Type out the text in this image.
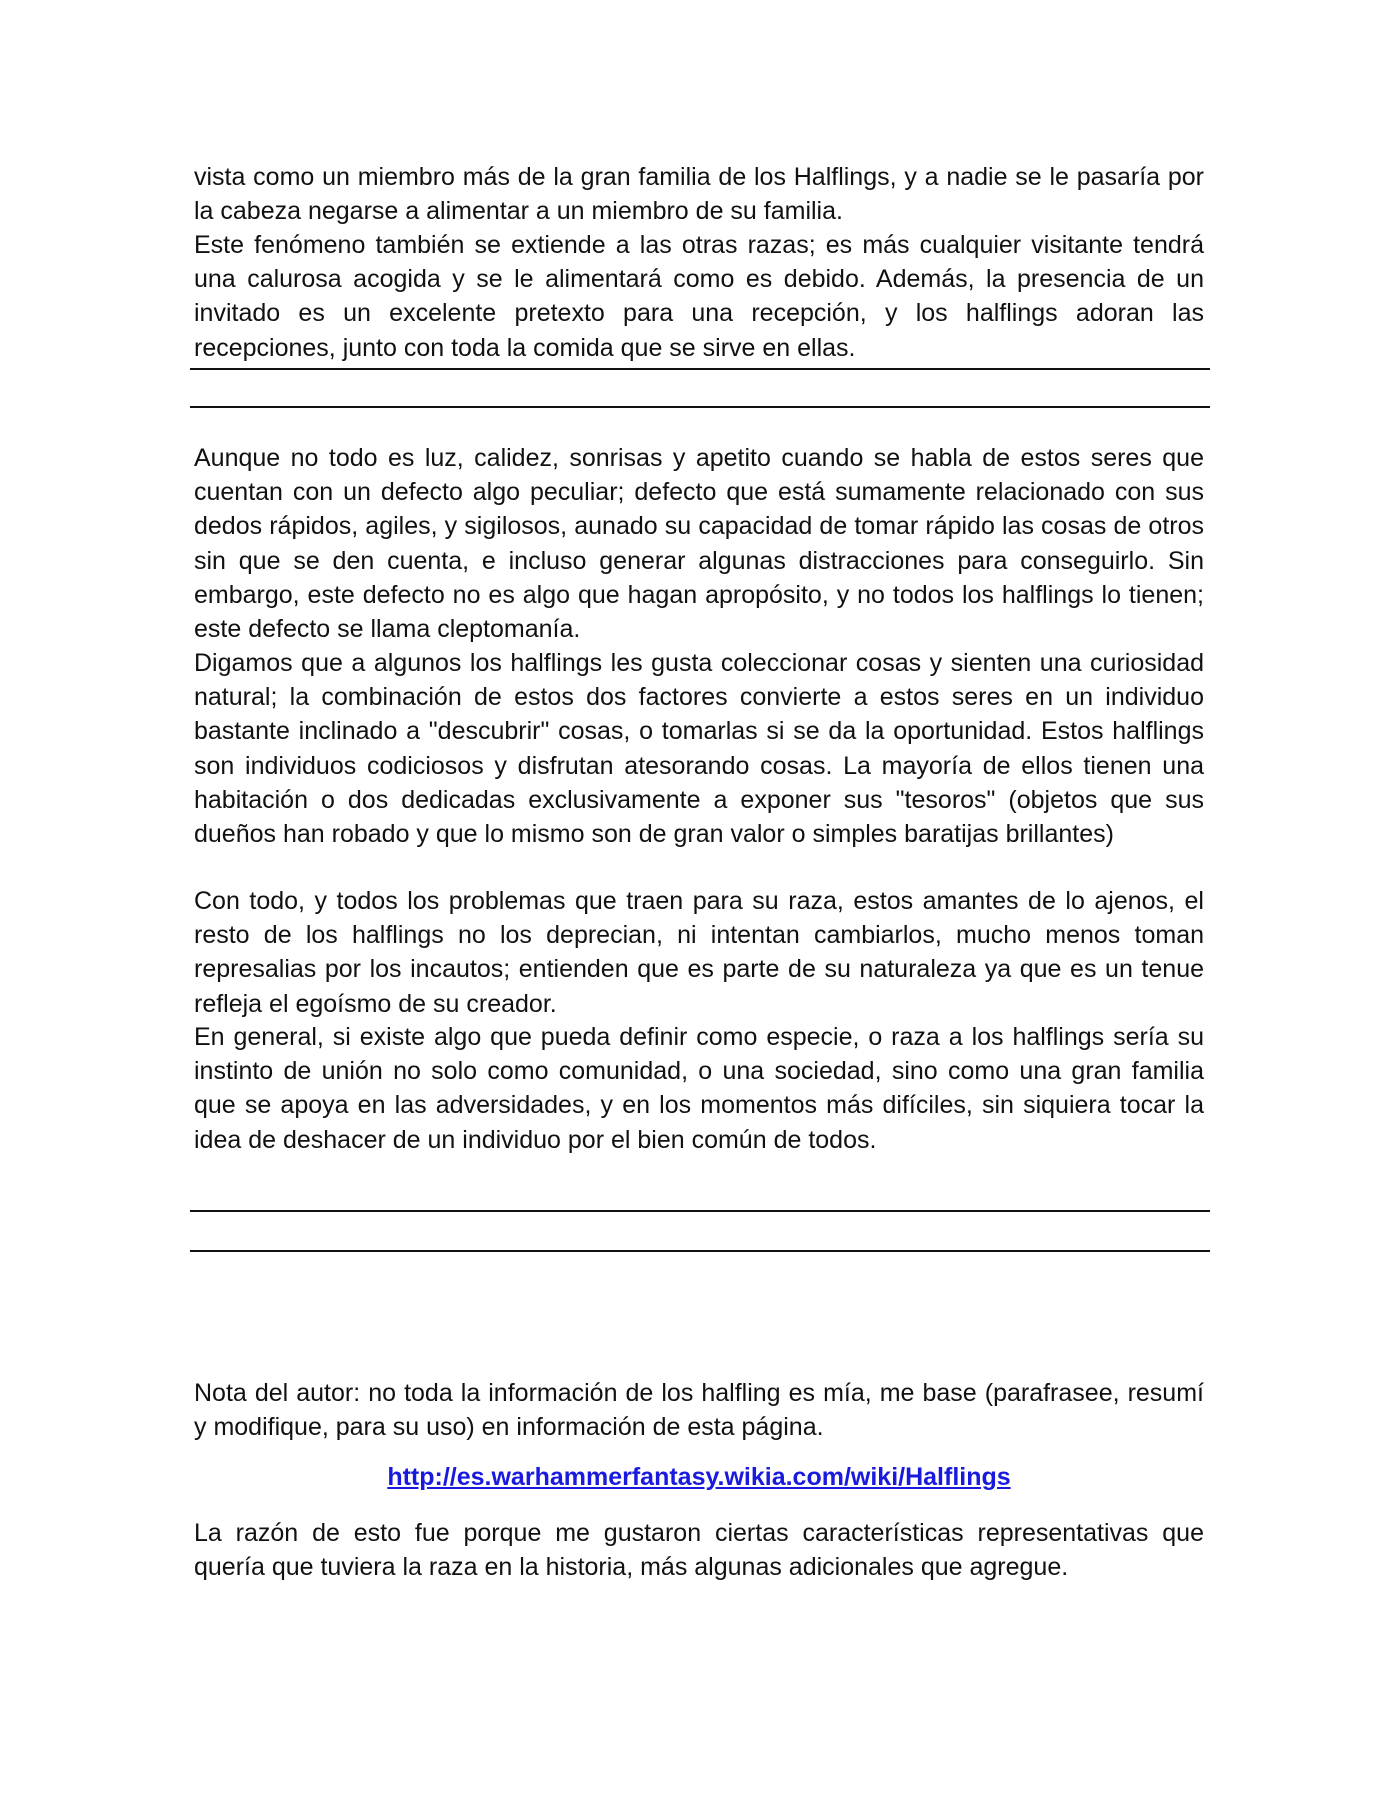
vista como un miembro más de la gran familia de los Halflings, y a nadie se le pasaría por la cabeza negarse a alimentar a un miembro de su familia.

Este fenómeno también se extiende a las otras razas; es más cualquier visitante tendrá una calurosa acogida y se le alimentará como es debido. Además, la presencia de un invitado es un excelente pretexto para una recepción, y los halflings adoran las recepciones, junto con toda la comida que se sirve en ellas.

Aunque no todo es luz, calidez, sonrisas y apetito cuando se habla de estos seres que cuentan con un defecto algo peculiar; defecto que está sumamente relacionado con sus dedos rápidos, agiles, y sigilosos, aunado su capacidad de tomar rápido las cosas de otros sin que se den cuenta, e incluso generar algunas distracciones para conseguirlo. Sin embargo, este defecto no es algo que hagan apropósito, y no todos los halflings lo tienen; este defecto se llama cleptomanía.

Digamos que a algunos los halflings les gusta coleccionar cosas y sienten una curiosidad natural; la combinación de estos dos factores convierte a estos seres en un individuo bastante inclinado a "descubrir" cosas, o tomarlas si se da la oportunidad. Estos halflings son individuos codiciosos y disfrutan atesorando cosas. La mayoría de ellos tienen una habitación o dos dedicadas exclusivamente a exponer sus "tesoros" (objetos que sus dueños han robado y que lo mismo son de gran valor o simples baratijas brillantes)

Con todo, y todos los problemas que traen para su raza, estos amantes de lo ajenos, el resto de los halflings no los deprecian, ni intentan cambiarlos, mucho menos toman represalias por los incautos; entienden que es parte de su naturaleza ya que es un tenue refleja el egoísmo de su creador.

En general, si existe algo que pueda definir como especie, o raza a los halflings sería su instinto de unión no solo como comunidad, o una sociedad, sino como una gran familia que se apoya en las adversidades, y en los momentos más difíciles, sin siquiera tocar la idea de deshacer de un individuo por el bien común de todos.

Nota del autor: no toda la información de los halfling es mía, me base (parafrasee, resumí y modifique, para su uso) en información de esta página.

http://es.warhammerfantasy.wikia.com/wiki/Halflings

La razón de esto fue porque me gustaron ciertas características representativas que quería que tuviera la raza en la historia, más algunas adicionales que agregue.
